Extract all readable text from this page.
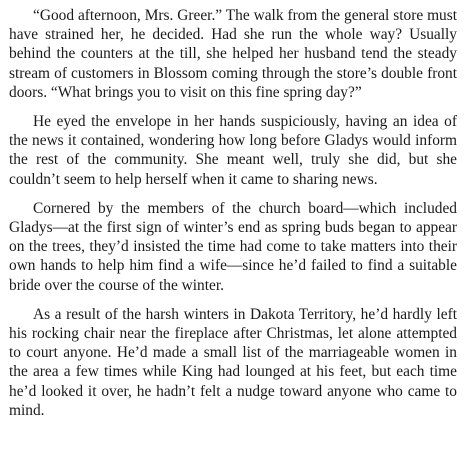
“Good afternoon, Mrs. Greer.” The walk from the general store must have strained her, he decided. Had she run the whole way? Usually behind the counters at the till, she helped her husband tend the steady stream of customers in Blossom coming through the store’s double front doors. “What brings you to visit on this fine spring day?”

He eyed the envelope in her hands suspiciously, having an idea of the news it contained, wondering how long before Gladys would inform the rest of the community. She meant well, truly she did, but she couldn’t seem to help herself when it came to sharing news.

Cornered by the members of the church board—which included Gladys—at the first sign of winter’s end as spring buds began to appear on the trees, they’d insisted the time had come to take matters into their own hands to help him find a wife—since he’d failed to find a suitable bride over the course of the winter.

As a result of the harsh winters in Dakota Territory, he’d hardly left his rocking chair near the fireplace after Christmas, let alone attempted to court anyone. He’d made a small list of the marriageable women in the area a few times while King had lounged at his feet, but each time he’d looked it over, he hadn’t felt a nudge toward anyone who came to mind.
